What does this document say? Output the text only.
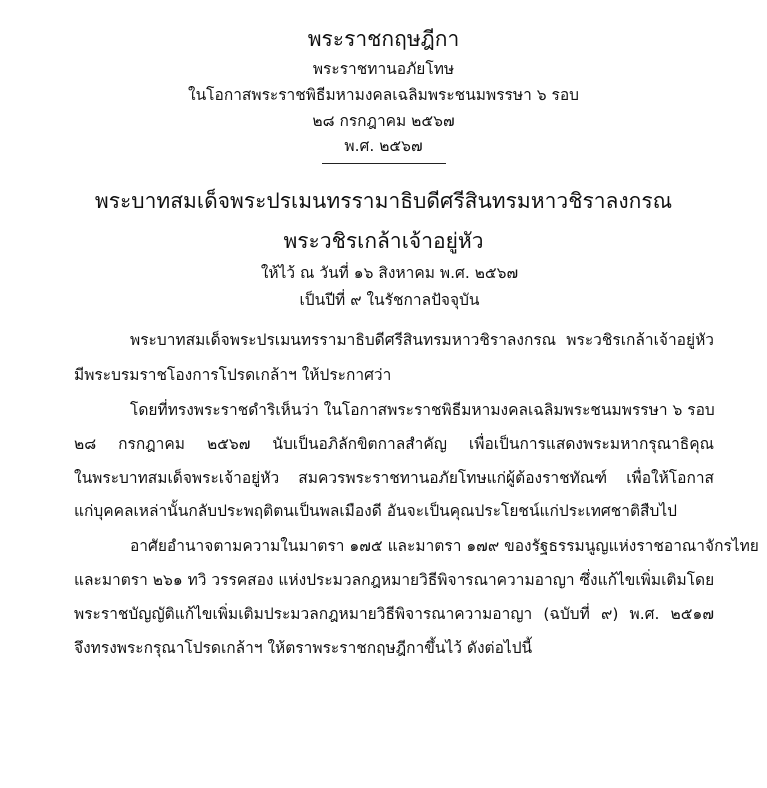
พระราชกฤษฎีกา
พระราชทานอภัยโทษ
ในโอกาสพระราชพิธีมหามงคลเฉลิมพระชนมพรรษา ๖ รอบ
๒๘ กรกฎาคม ๒๕๖๗
พ.ศ. ๒๕๖๗
พระบาทสมเด็จพระปรเมนทรรามาธิบดีศรีสินทรมหาวชิราลงกรณ
พระวชิรเกล้าเจ้าอยู่หัว
ให้ไว้ ณ วันที่ ๑๖ สิงหาคม พ.ศ. ๒๕๖๗
เป็นปีที่ ๙ ในรัชกาลปัจจุบัน
พระบาทสมเด็จพระปรเมนทรรามาธิบดีศรีสินทรมหาวชิราลงกรณ พระวชิรเกล้าเจ้าอยู่หัว
มีพระบรมราชโองการโปรดเกล้าฯ ให้ประกาศว่า
โดยที่ทรงพระราชดำริเห็นว่า ในโอกาสพระราชพิธีมหามงคลเฉลิมพระชนมพรรษา ๖ รอบ
๒๘ กรกฎาคม ๒๕๖๗ นับเป็นอภิลักขิตกาลสำคัญ เพื่อเป็นการแสดงพระมหากรุณาธิคุณ
ในพระบาทสมเด็จพระเจ้าอยู่หัว สมควรพระราชทานอภัยโทษแก่ผู้ต้องราชทัณฑ์ เพื่อให้โอกาส
แก่บุคคลเหล่านั้นกลับประพฤติตนเป็นพลเมืองดี อันจะเป็นคุณประโยชน์แก่ประเทศชาติสืบไป
อาศัยอำนาจตามความในมาตรา ๑๗๕ และมาตรา ๑๗๙ ของรัฐธรรมนูญแห่งราชอาณาจักรไทย
และมาตรา ๒๖๑ ทวิ วรรคสอง แห่งประมวลกฎหมายวิธีพิจารณาความอาญา ซึ่งแก้ไขเพิ่มเติมโดย
พระราชบัญญัติแก้ไขเพิ่มเติมประมวลกฎหมายวิธีพิจารณาความอาญา (ฉบับที่ ๙) พ.ศ. ๒๕๑๗
จึงทรงพระกรุณาโปรดเกล้าฯ ให้ตราพระราชกฤษฎีกาขึ้นไว้ ดังต่อไปนี้
